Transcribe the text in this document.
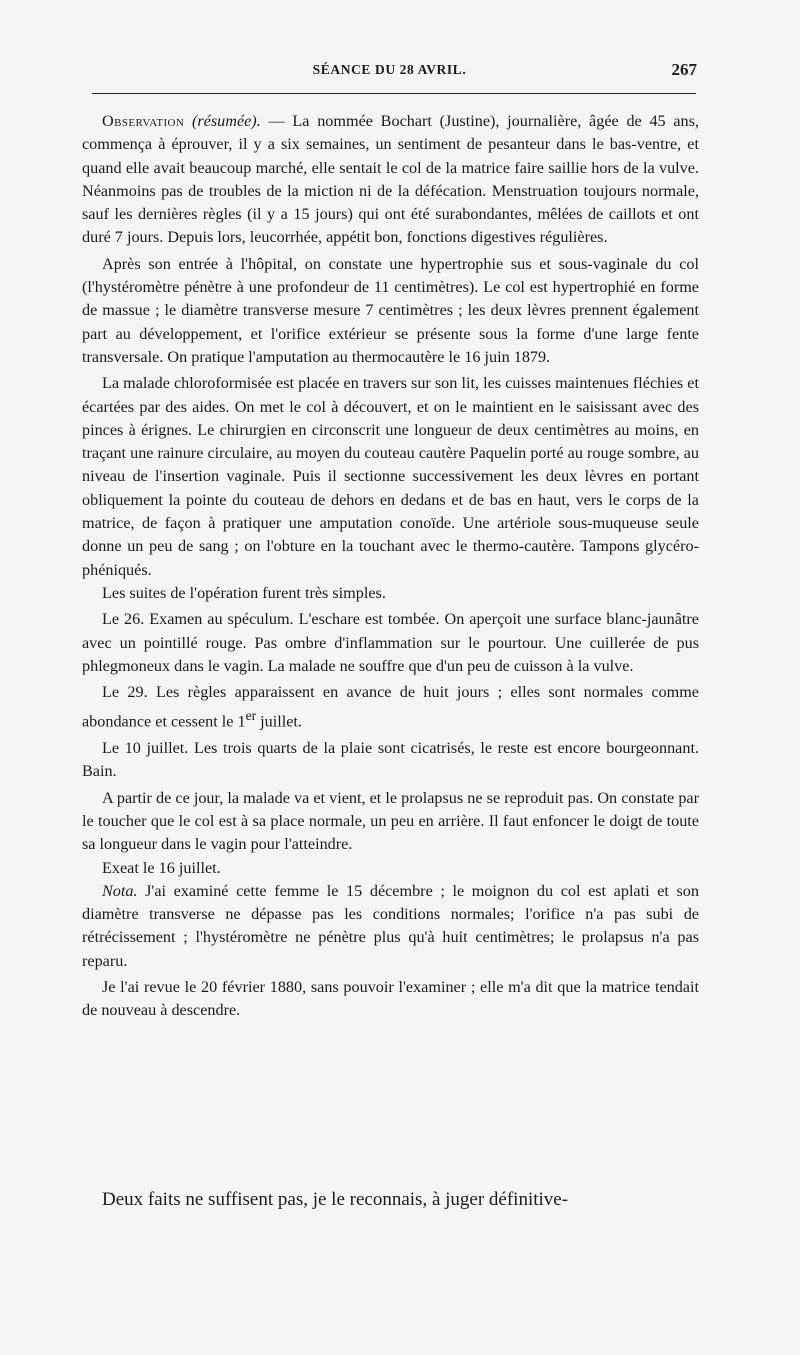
SÉANCE DU 28 AVRIL.	267

Observation (résumée). — La nommée Bochart (Justine), journalière, âgée de 45 ans, commença à éprouver, il y a six semaines, un sentiment de pesanteur dans le bas-ventre, et quand elle avait beaucoup marché, elle sentait le col de la matrice faire saillie hors de la vulve. Néanmoins pas de troubles de la miction ni de la défécation. Menstruation toujours normale, sauf les dernières règles (il y a 15 jours) qui ont été surabondantes, mêlées de caillots et ont duré 7 jours. Depuis lors, leucorrhée, appétit bon, fonctions digestives régulières.

Après son entrée à l'hôpital, on constate une hypertrophie sus et sous-vaginale du col (l'hystéromètre pénètre à une profondeur de 11 centimètres). Le col est hypertrophié en forme de massue ; le diamètre transverse mesure 7 centimètres ; les deux lèvres prennent également part au développement, et l'orifice extérieur se présente sous la forme d'une large fente transversale. On pratique l'amputation au thermocautère le 16 juin 1879.

La malade chloroformisée est placée en travers sur son lit, les cuisses maintenues fléchies et écartées par des aides. On met le col à découvert, et on le maintient en le saisissant avec des pinces à érignes. Le chirurgien en circonscrit une longueur de deux centimètres au moins, en traçant une rainure circulaire, au moyen du couteau cautère Paquelin porté au rouge sombre, au niveau de l'insertion vaginale. Puis il sectionne successivement les deux lèvres en portant obliquement la pointe du couteau de dehors en dedans et de bas en haut, vers le corps de la matrice, de façon à pratiquer une amputation conoïde. Une artériole sous-muqueuse seule donne un peu de sang ; on l'obture en la touchant avec le thermo-cautère. Tampons glycéro-phéniqués.

Les suites de l'opération furent très simples.

Le 26. Examen au spéculum. L'eschare est tombée. On aperçoit une surface blanc-jaunâtre avec un pointillé rouge. Pas ombre d'inflammation sur le pourtour. Une cuillerée de pus phlegmoneux dans le vagin. La malade ne souffre que d'un peu de cuisson à la vulve.

Le 29. Les règles apparaissent en avance de huit jours ; elles sont normales comme abondance et cessent le 1er juillet.

Le 10 juillet. Les trois quarts de la plaie sont cicatrisés, le reste est encore bourgeonnant. Bain.

A partir de ce jour, la malade va et vient, et le prolapsus ne se reproduit pas. On constate par le toucher que le col est à sa place normale, un peu en arrière. Il faut enfoncer le doigt de toute sa longueur dans le vagin pour l'atteindre.

Exeat le 16 juillet.

Nota. J'ai examiné cette femme le 15 décembre ; le moignon du col est aplati et son diamètre transverse ne dépasse pas les conditions normales; l'orifice n'a pas subi de rétrécissement ; l'hystéromètre ne pénètre plus qu'à huit centimètres; le prolapsus n'a pas reparu.

Je l'ai revue le 20 février 1880, sans pouvoir l'examiner ; elle m'a dit que la matrice tendait de nouveau à descendre.

Deux faits ne suffisent pas, je le reconnais, à juger définitive-
